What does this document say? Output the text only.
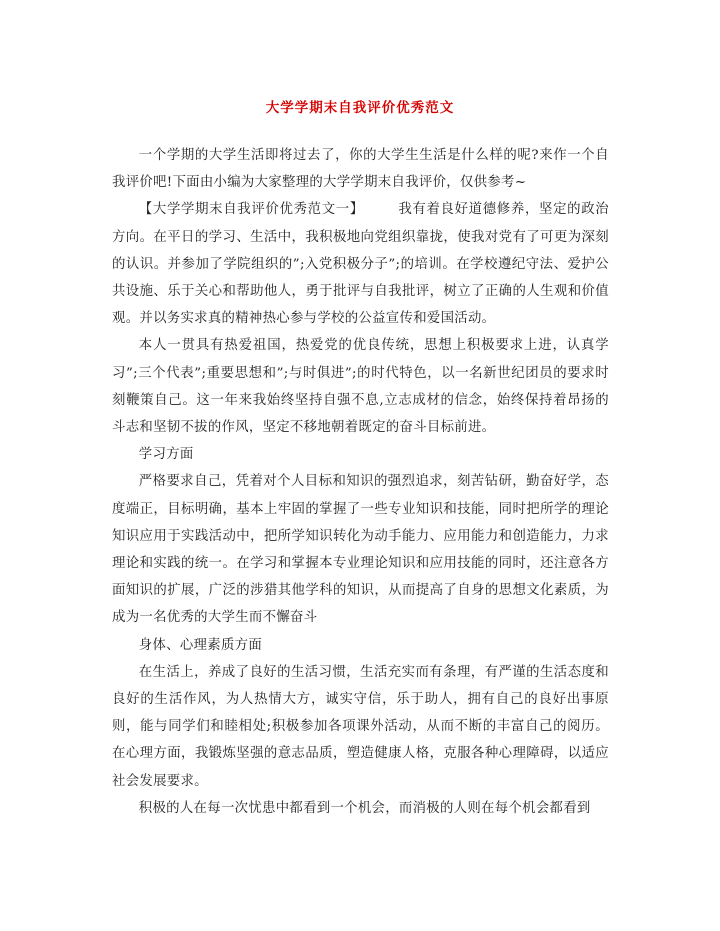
大学学期末自我评价优秀范文

一个学期的大学生活即将过去了，你的大学生生活是什么样的呢?来作一个自我评价吧!下面由小编为大家整理的大学学期末自我评价，仅供参考~

【大学学期末自我评价优秀范文一】	我有着良好道德修养，坚定的政治方向。在平日的学习、生活中，我积极地向党组织靠拢，使我对党有了可更为深刻的认识。并参加了学院组织的”;入党积极分子”;的培训。在学校遵纪守法、爱护公共设施、乐于关心和帮助他人，勇于批评与自我批评，树立了正确的人生观和价值观。并以务实求真的精神热心参与学校的公益宣传和爱国活动。

本人一贯具有热爱祖国，热爱党的优良传统，思想上积极要求上进，认真学习”;三个代表”;重要思想和”;与时俱进”;的时代特色，以一名新世纪团员的要求时刻鞭策自己。这一年来我始终坚持自强不息,立志成材的信念，始终保持着昂扬的斗志和坚韧不拔的作风，坚定不移地朝着既定的奋斗目标前进。

学习方面

严格要求自己，凭着对个人目标和知识的强烈追求，刻苦钻研，勤奋好学，态度端正，目标明确，基本上牢固的掌握了一些专业知识和技能，同时把所学的理论知识应用于实践活动中，把所学知识转化为动手能力、应用能力和创造能力，力求理论和实践的统一。在学习和掌握本专业理论知识和应用技能的同时，还注意各方面知识的扩展，广泛的涉猎其他学科的知识，从而提高了自身的思想文化素质，为成为一名优秀的大学生而不懈奋斗

身体、心理素质方面

在生活上，养成了良好的生活习惯，生活充实而有条理，有严谨的生活态度和良好的生活作风，为人热情大方，诚实守信，乐于助人，拥有自己的良好出事原则，能与同学们和睦相处;积极参加各项课外活动，从而不断的丰富自己的阅历。在心理方面，我锻炼坚强的意志品质，塑造健康人格，克服各种心理障碍，以适应社会发展要求。

积极的人在每一次忧患中都看到一个机会，而消极的人则在每个机会都看到
